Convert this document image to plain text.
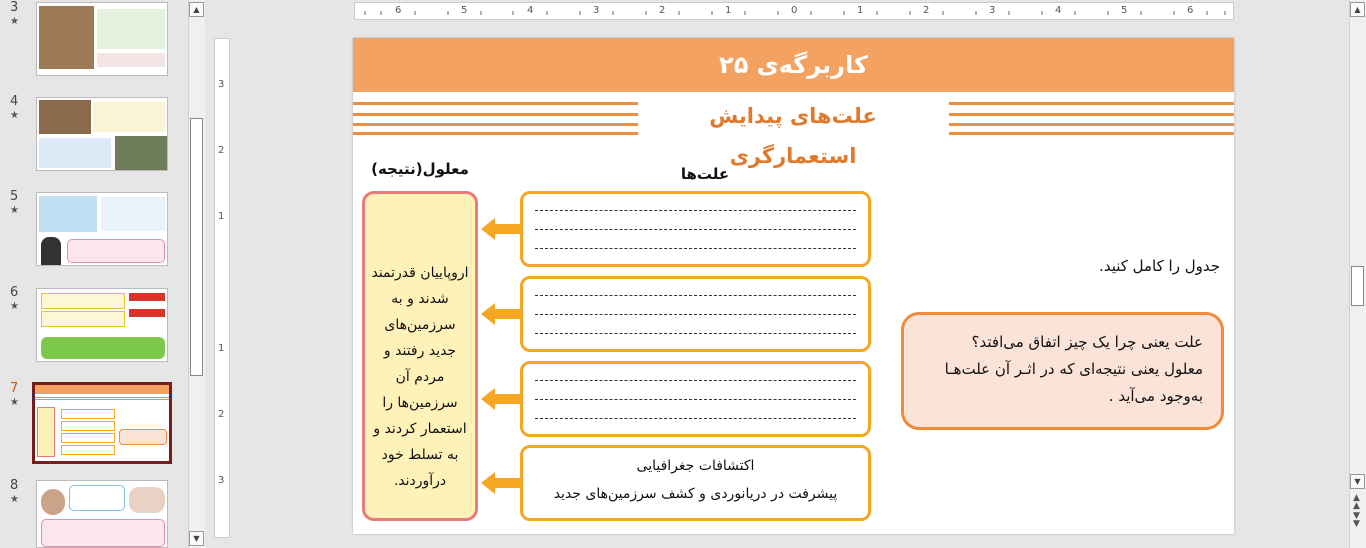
3
★
4
★
5
★
6
★
7
★
8
★
▲
▼
6	5	4	3	2	1	0	1	2	3	4	5	6
3
2
1
1
2
3
کاربرگه‌ی ۲۵
علت‌های پیدایش استعمارگری
معلول(نتیجه)	علت‌ها
اروپاییان قدرتمند شدند و به سرزمین‌های جدید رفتند و مردم آن سرزمین‌ها را استعمار کردند و به تسلط خود درآوردند.
اکتشافات جغرافیایی
پیشرفت در دریانوردی و کشف سرزمین‌های جدید
جدول را کامل کنید.
علت یعنی چرا یک چیز اتفاق می‌افتد؟
معلول یعنی نتیجه‌ای که در اثـر آن علت‌هـا
به‌وجود می‌آید .
▲
▼
▲
▲
▼
▼
